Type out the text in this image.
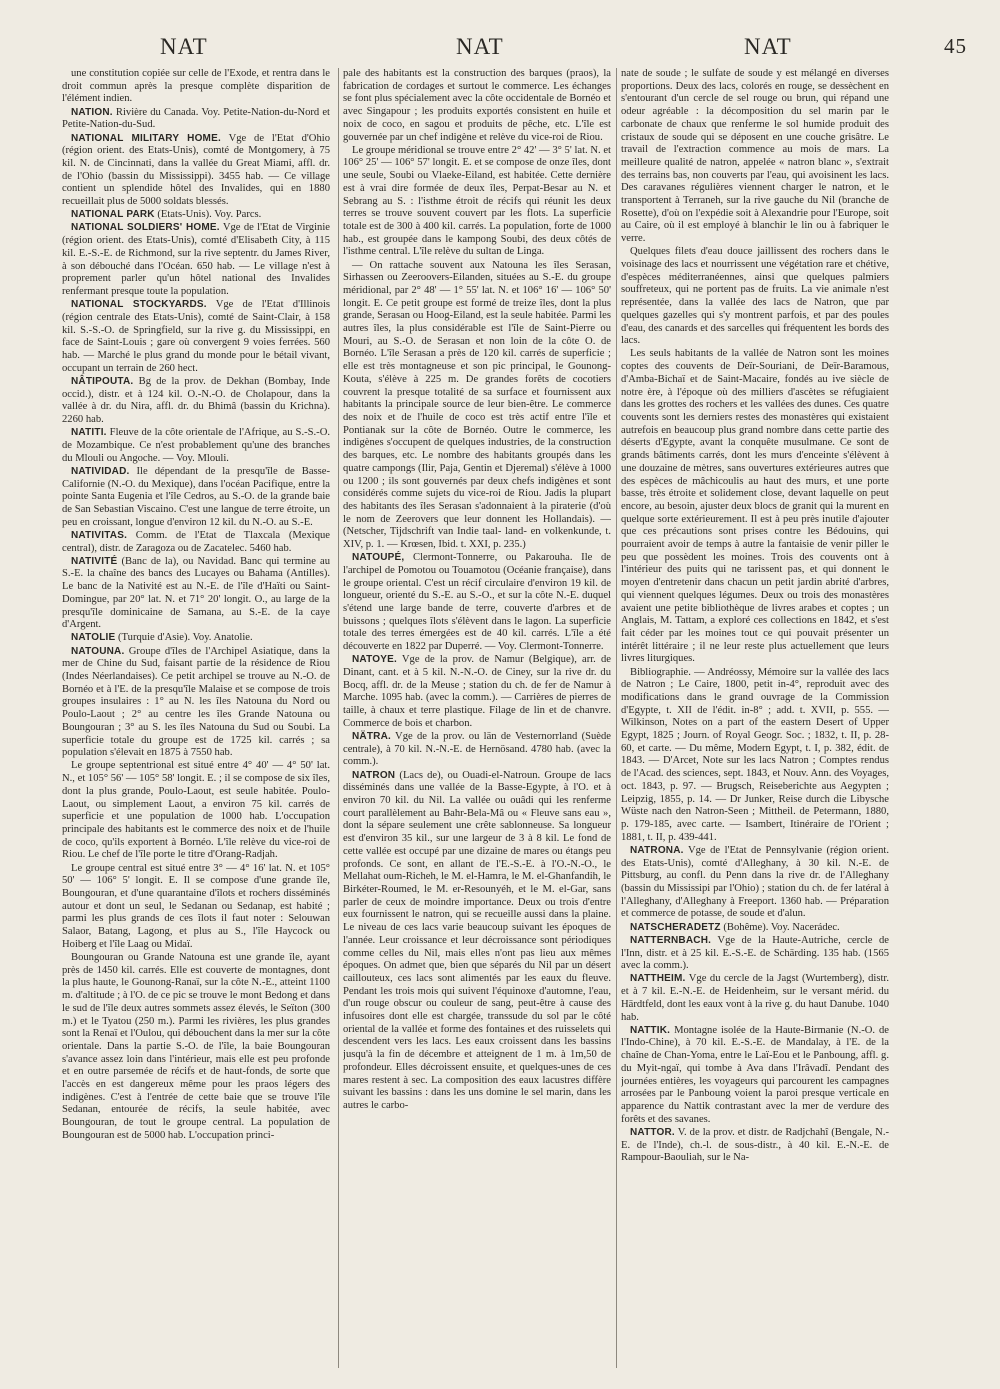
NAT	NAT	NAT	45

une constitution copiée sur celle de l'Exode, et rentra dans le droit commun après la presque complète disparition de l'élément indien.

NATION. Rivière du Canada. Voy. Petite-Nation-du-Nord et Petite-Nation-du-Sud.

NATIONAL MILITARY HOME. Vge de l'Etat d'Ohio (région orient. des Etats-Unis), comté de Montgomery, à 75 kil. N. de Cincinnati, dans la vallée du Great Miami, affl. dr. de l'Ohio (bassin du Mississippi). 3455 hab. — Ce village contient un splendide hôtel des Invalides, qui en 1880 recueillait plus de 5000 soldats blessés.

NATIONAL PARK (Etats-Unis). Voy. Parcs.

NATIONAL SOLDIERS' HOME. Vge de l'Etat de Virginie (région orient. des Etats-Unis), comté d'Elisabeth City, à 115 kil. E.-S.-E. de Richmond, sur la rive septentr. du James River, à son débouché dans l'Océan. 650 hab. — Le village n'est à proprement parler qu'un hôtel national des Invalides renfermant presque toute la population.

NATIONAL STOCKYARDS. Vge de l'Etat d'Illinois (région centrale des Etats-Unis), comté de Saint-Clair, à 158 kil. S.-S.-O. de Springfield, sur la rive g. du Mississippi, en face de Saint-Louis ; gare où convergent 9 voies ferrées. 560 hab. — Marché le plus grand du monde pour le bétail vivant, occupant un terrain de 260 hect.

NÂTIPOUTA. Bg de la prov. de Dekhan (Bombay, Inde occid.), distr. et à 124 kil. O.-N.-O. de Cholapour, dans la vallée à dr. du Nira, affl. dr. du Bhimâ (bassin du Krichna). 2260 hab.

NATITI. Fleuve de la côte orientale de l'Afrique, au S.-S.-O. de Mozambique. Ce n'est probablement qu'une des branches du Mlouli ou Angoche. — Voy. Mlouli.

NATIVIDAD. Ile dépendant de la presqu'île de Basse-Californie (N.-O. du Mexique), dans l'océan Pacifique, entre la pointe Santa Eugenia et l'île Cedros, au S.-O. de la grande baie de San Sebastian Viscaino. C'est une langue de terre étroite, un peu en croissant, longue d'environ 12 kil. du N.-O. au S.-E.

NATIVITAS. Comm. de l'Etat de Tlaxcala (Mexique central), distr. de Zaragoza ou de Zacatelec. 5460 hab.

NATIVITÉ (Banc de la), ou Navidad. Banc qui termine au S.-E. la chaîne des bancs des Lucayes ou Bahama (Antilles). Le banc de la Nativité est au N.-E. de l'île d'Haïti ou Saint-Domingue, par 20° lat. N. et 71° 20' longit. O., au large de la presqu'île dominicaine de Samana, au S.-E. de la caye d'Argent.

NATOLIE (Turquie d'Asie). Voy. Anatolie.

NATOUNA. Groupe d'îles de l'Archipel Asiatique, dans la mer de Chine du Sud, faisant partie de la résidence de Riou (Indes Néerlandaises). Ce petit archipel se trouve au N.-O. de Bornéo et à l'E. de la presqu'île Malaise et se compose de trois groupes insulaires : 1° au N. les îles Natouna du Nord ou Poulo-Laout ; 2° au centre les îles Grande Natouna ou Boungouran ; 3° au S. les îles Natouna du Sud ou Soubi. La superficie totale du groupe est de 1725 kil. carrés ; sa population s'élevait en 1875 à 7550 hab.

Le groupe septentrional est situé entre 4° 40' — 4° 50' lat. N., et 105° 56' — 105° 58' longit. E. ; il se compose de six îles, dont la plus grande, Poulo-Laout, est seule habitée. Poulo-Laout, ou simplement Laout, a environ 75 kil. carrés de superficie et une population de 1000 hab. L'occupation principale des habitants est le commerce des noix et de l'huile de coco, qu'ils exportent à Bornéo. L'île relève du vice-roi de Riou. Le chef de l'île porte le titre d'Orang-Radjah.

Le groupe central est situé entre 3° — 4° 16' lat. N. et 105° 50' — 106° 5' longit. E. Il se compose d'une grande île, Boungouran, et d'une quarantaine d'îlots et rochers disséminés autour et dont un seul, le Sedanan ou Sedanap, est habité ; parmi les plus grands de ces îlots il faut noter : Selouwan Salaor, Batang, Lagong, et plus au S., l'île Haycock ou Hoiberg et l'île Laag ou Midaï.

Boungouran ou Grande Natouna est une grande île, ayant près de 1450 kil. carrés. Elle est couverte de montagnes, dont la plus haute, le Gounong-Ranaï, sur la côte N.-E., atteint 1100 m. d'altitude ; à l'O. de ce pic se trouve le mont Bedong et dans le sud de l'île deux autres sommets assez élevés, le Seïton (300 m.) et le Tyatou (250 m.). Parmi les rivières, les plus grandes sont la Renaï et l'Oulou, qui débouchent dans la mer sur la côte orientale. Dans la partie S.-O. de l'île, la baie Boungouran s'avance assez loin dans l'intérieur, mais elle est peu profonde et en outre parsemée de récifs et de haut-fonds, de sorte que l'accès en est dangereux même pour les praos légers des indigènes. C'est à l'entrée de cette baie que se trouve l'île Sedanan, entourée de récifs, la seule habitée, avec Boungouran, de tout le groupe central. La population de Boungouran est de 5000 hab. L'occupation princi-

pale des habitants est la construction des barques (praos), la fabrication de cordages et surtout le commerce. Les échanges se font plus spécialement avec la côte occidentale de Bornéo et avec Singapour ; les produits exportés consistent en huile et noix de coco, en sagou et produits de pêche, etc. L'île est gouvernée par un chef indigène et relève du vice-roi de Riou.

Le groupe méridional se trouve entre 2° 42' — 3° 5' lat. N. et 106° 25' — 106° 57' longit. E. et se compose de onze îles, dont une seule, Soubi ou Vlaeke-Eiland, est habitée. Cette dernière est à vrai dire formée de deux îles, Perpat-Besar au N. et Sebrang au S. : l'isthme étroit de récifs qui réunit les deux terres se trouve souvent couvert par les flots. La superficie totale est de 300 à 400 kil. carrés. La population, forte de 1000 hab., est groupée dans le kampong Soubi, des deux côtés de l'isthme central. L'île relève du sultan de Linga.

— On rattache souvent aux Natouna les îles Serasan, Sirhassen ou Zeeroovers-Eilanden, situées au S.-E. du groupe méridional, par 2° 48' — 1° 55' lat. N. et 106° 16' — 106° 50' longit. E. Ce petit groupe est formé de treize îles, dont la plus grande, Serasan ou Hoog-Eiland, est la seule habitée. Parmi les autres îles, la plus considérable est l'île de Saint-Pierre ou Mouri, au S.-O. de Serasan et non loin de la côte O. de Bornéo. L'île Serasan a près de 120 kil. carrés de superficie ; elle est très montagneuse et son pic principal, le Gounong-Kouta, s'élève à 225 m. De grandes forêts de cocotiers couvrent la presque totalité de sa surface et fournissent aux habitants la principale source de leur bien-être. Le commerce des noix et de l'huile de coco est très actif entre l'île et Pontianak sur la côte de Bornéo. Outre le commerce, les indigènes s'occupent de quelques industries, de la construction des barques, etc. Le nombre des habitants groupés dans les quatre campongs (Ilir, Paja, Gentin et Djeremal) s'élève à 1000 ou 1200 ; ils sont gouvernés par deux chefs indigènes et sont considérés comme sujets du vice-roi de Riou. Jadis la plupart des habitants des îles Serasan s'adonnaient à la piraterie (d'où le nom de Zeerovers que leur donnent les Hollandais). — (Netscher, Tijdschrift van Indie taal- land- en volkenkunde, t. XIV, p. 1. — Krœsen, Ibid. t. XXI, p. 235.)

NATOUPÉ, Clermont-Tonnerre, ou Pakarouha. Ile de l'archipel de Pomotou ou Touamotou (Océanie française), dans le groupe oriental. C'est un récif circulaire d'environ 19 kil. de longueur, orienté du S.-E. au S.-O., et sur la côte N.-E. duquel s'étend une large bande de terre, couverte d'arbres et de buissons ; quelques îlots s'élèvent dans le lagon. La superficie totale des terres émergées est de 40 kil. carrés. L'île a été découverte en 1822 par Duperré. — Voy. Clermont-Tonnerre.

NATOYE. Vge de la prov. de Namur (Belgique), arr. de Dinant, cant. et à 5 kil. N.-N.-O. de Ciney, sur la rive dr. du Bocq, affl. dr. de la Meuse ; station du ch. de fer de Namur à Marche. 1095 hab. (avec la comm.). — Carrières de pierres de taille, à chaux et terre plastique. Filage de lin et de chanvre. Commerce de bois et charbon.

NÄTRA. Vge de la prov. ou län de Vesternorrland (Suède centrale), à 70 kil. N.-N.-E. de Hernösand. 4780 hab. (avec la comm.).

NATRON (Lacs de), ou Ouadi-el-Natroun. Groupe de lacs disséminés dans une vallée de la Basse-Egypte, à l'O. et à environ 70 kil. du Nil. La vallée ou ouâdi qui les renferme court parallèlement au Bahr-Bela-Mâ ou « Fleuve sans eau », dont la sépare seulement une crête sablonneuse. Sa longueur est d'environ 35 kil., sur une largeur de 3 à 8 kil. Le fond de cette vallée est occupé par une dizaine de mares ou étangs peu profonds. Ce sont, en allant de l'E.-S.-E. à l'O.-N.-O., le Mellahat oum-Richeh, le M. el-Hamra, le M. el-Ghanfandih, le Birkéter-Roumed, le M. er-Resounyéh, et le M. el-Gar, sans parler de ceux de moindre importance. Deux ou trois d'entre eux fournissent le natron, qui se recueille aussi dans la plaine. Le niveau de ces lacs varie beaucoup suivant les époques de l'année. Leur croissance et leur décroissance sont périodiques comme celles du Nil, mais elles n'ont pas lieu aux mêmes époques. On admet que, bien que séparés du Nil par un désert caillouteux, ces lacs sont alimentés par les eaux du fleuve. Pendant les trois mois qui suivent l'équinoxe d'automne, l'eau, d'un rouge obscur ou couleur de sang, peut-être à cause des infusoires dont elle est chargée, transsude du sol par le côté oriental de la vallée et forme des fontaines et des ruisselets qui descendent vers les lacs. Les eaux croissent dans les bassins jusqu'à la fin de décembre et atteignent de 1 m. à 1m,50 de profondeur. Elles décroissent ensuite, et quelques-unes de ces mares restent à sec. La composition des eaux lacustres diffère suivant les bassins : dans les uns domine le sel marin, dans les autres le carbo-

nate de soude ; le sulfate de soude y est mélangé en diverses proportions. Deux des lacs, colorés en rouge, se dessèchent en s'entourant d'un cercle de sel rouge ou brun, qui répand une odeur agréable : la décomposition du sel marin par le carbonate de chaux que renferme le sol humide produit des cristaux de soude qui se déposent en une couche grisâtre. Le travail de l'extraction commence au mois de mars. La meilleure qualité de natron, appelée « natron blanc », s'extrait des terrains bas, non couverts par l'eau, qui avoisinent les lacs. Des caravanes régulières viennent charger le natron, et le transportent à Terraneh, sur la rive gauche du Nil (branche de Rosette), d'où on l'expédie soit à Alexandrie pour l'Europe, soit au Caire, où il est employé à blanchir le lin ou à fabriquer le verre.

Quelques filets d'eau douce jaillissent des rochers dans le voisinage des lacs et nourrissent une végétation rare et chétive, d'espèces méditerranéennes, ainsi que quelques palmiers souffreteux, qui ne portent pas de fruits. La vie animale n'est représentée, dans la vallée des lacs de Natron, que par quelques gazelles qui s'y montrent parfois, et par des poules d'eau, des canards et des sarcelles qui fréquentent les bords des lacs.

Les seuls habitants de la vallée de Natron sont les moines coptes des couvents de Deïr-Souriani, de Deïr-Baramous, d'Amba-Bichaï et de Saint-Macaire, fondés au ive siècle de notre ère, à l'époque où des milliers d'ascètes se réfugiaient dans les grottes des rochers et les vallées des dunes. Ces quatre couvents sont les derniers restes des monastères qui existaient autrefois en beaucoup plus grand nombre dans cette partie des déserts d'Egypte, avant la conquête musulmane. Ce sont de grands bâtiments carrés, dont les murs d'enceinte s'élèvent à une douzaine de mètres, sans ouvertures extérieures autres que des espèces de mâchicoulis au haut des murs, et une porte basse, très étroite et solidement close, devant laquelle on peut encore, au besoin, ajuster deux blocs de granit qui la murent en quelque sorte extérieurement. Il est à peu près inutile d'ajouter que ces précautions sont prises contre les Bédouins, qui pourraient avoir de temps à autre la fantaisie de venir piller le peu que possèdent les moines. Trois des couvents ont à l'intérieur des puits qui ne tarissent pas, et qui donnent le moyen d'entretenir dans chacun un petit jardin abrité d'arbres, qui viennent quelques légumes. Deux ou trois des monastères avaient une petite bibliothèque de livres arabes et coptes ; un Anglais, M. Tattam, a exploré ces collections en 1842, et s'est fait céder par les moines tout ce qui pouvait présenter un intérêt littéraire ; il ne leur reste plus actuellement que leurs livres liturgiques.

Bibliographie. — Andréossy, Mémoire sur la vallée des lacs de Natron ; Le Caire, 1800, petit in-4°, reproduit avec des modifications dans le grand ouvrage de la Commission d'Egypte, t. XII de l'édit. in-8° ; add. t. XVII, p. 555. — Wilkinson, Notes on a part of the eastern Desert of Upper Egypt, 1825 ; Journ. of Royal Geogr. Soc. ; 1832, t. II, p. 28-60, et carte. — Du même, Modern Egypt, t. I, p. 382, édit. de 1843. — D'Arcet, Note sur les lacs Natron ; Comptes rendus de l'Acad. des sciences, sept. 1843, et Nouv. Ann. des Voyages, oct. 1843, p. 97. — Brugsch, Reiseberichte aus Aegypten ; Leipzig, 1855, p. 14. — Dr Junker, Reise durch die Libysche Wüste nach den Natron-Seen ; Mittheil. de Petermann, 1880, p. 179-185, avec carte. — Isambert, Itinéraire de l'Orient ; 1881, t. II, p. 439-441.

NATRONA. Vge de l'Etat de Pennsylvanie (région orient. des Etats-Unis), comté d'Alleghany, à 30 kil. N.-E. de Pittsburg, au confl. du Penn dans la rive dr. de l'Alleghany (bassin du Mississipi par l'Ohio) ; station du ch. de fer latéral à l'Alleghany, d'Alleghany à Freeport. 1360 hab. — Préparation et commerce de potasse, de soude et d'alun.

NATSCHERADETZ (Bohême). Voy. Nacerádec.

NATTERNBACH. Vge de la Haute-Autriche, cercle de l'Inn, distr. et à 25 kil. E.-S.-E. de Schärding. 135 hab. (1565 avec la comm.).

NATTHEIM. Vge du cercle de la Jagst (Wurtemberg), distr. et à 7 kil. E.-N.-E. de Heidenheim, sur le versant mérid. du Härdtfeld, dont les eaux vont à la rive g. du haut Danube. 1040 hab.

NATTIK. Montagne isolée de la Haute-Birmanie (N.-O. de l'Indo-Chine), à 70 kil. E.-S.-E. de Mandalay, à l'E. de la chaîne de Chan-Yoma, entre le Laï-Eou et le Panboung, affl. g. du Myit-ngaï, qui tombe à Ava dans l'Irâvadî. Pendant des journées entières, les voyageurs qui parcourent les campagnes arrosées par le Panboung voient la paroi presque verticale en apparence du Nattik contrastant avec la mer de verdure des forêts et des savanes.

NATTOR. V. de la prov. et distr. de Radjchahî (Bengale, N.-E. de l'Inde), ch.-l. de sous-distr., à 40 kil. E.-N.-E. de Rampour-Baouliah, sur le Na-
